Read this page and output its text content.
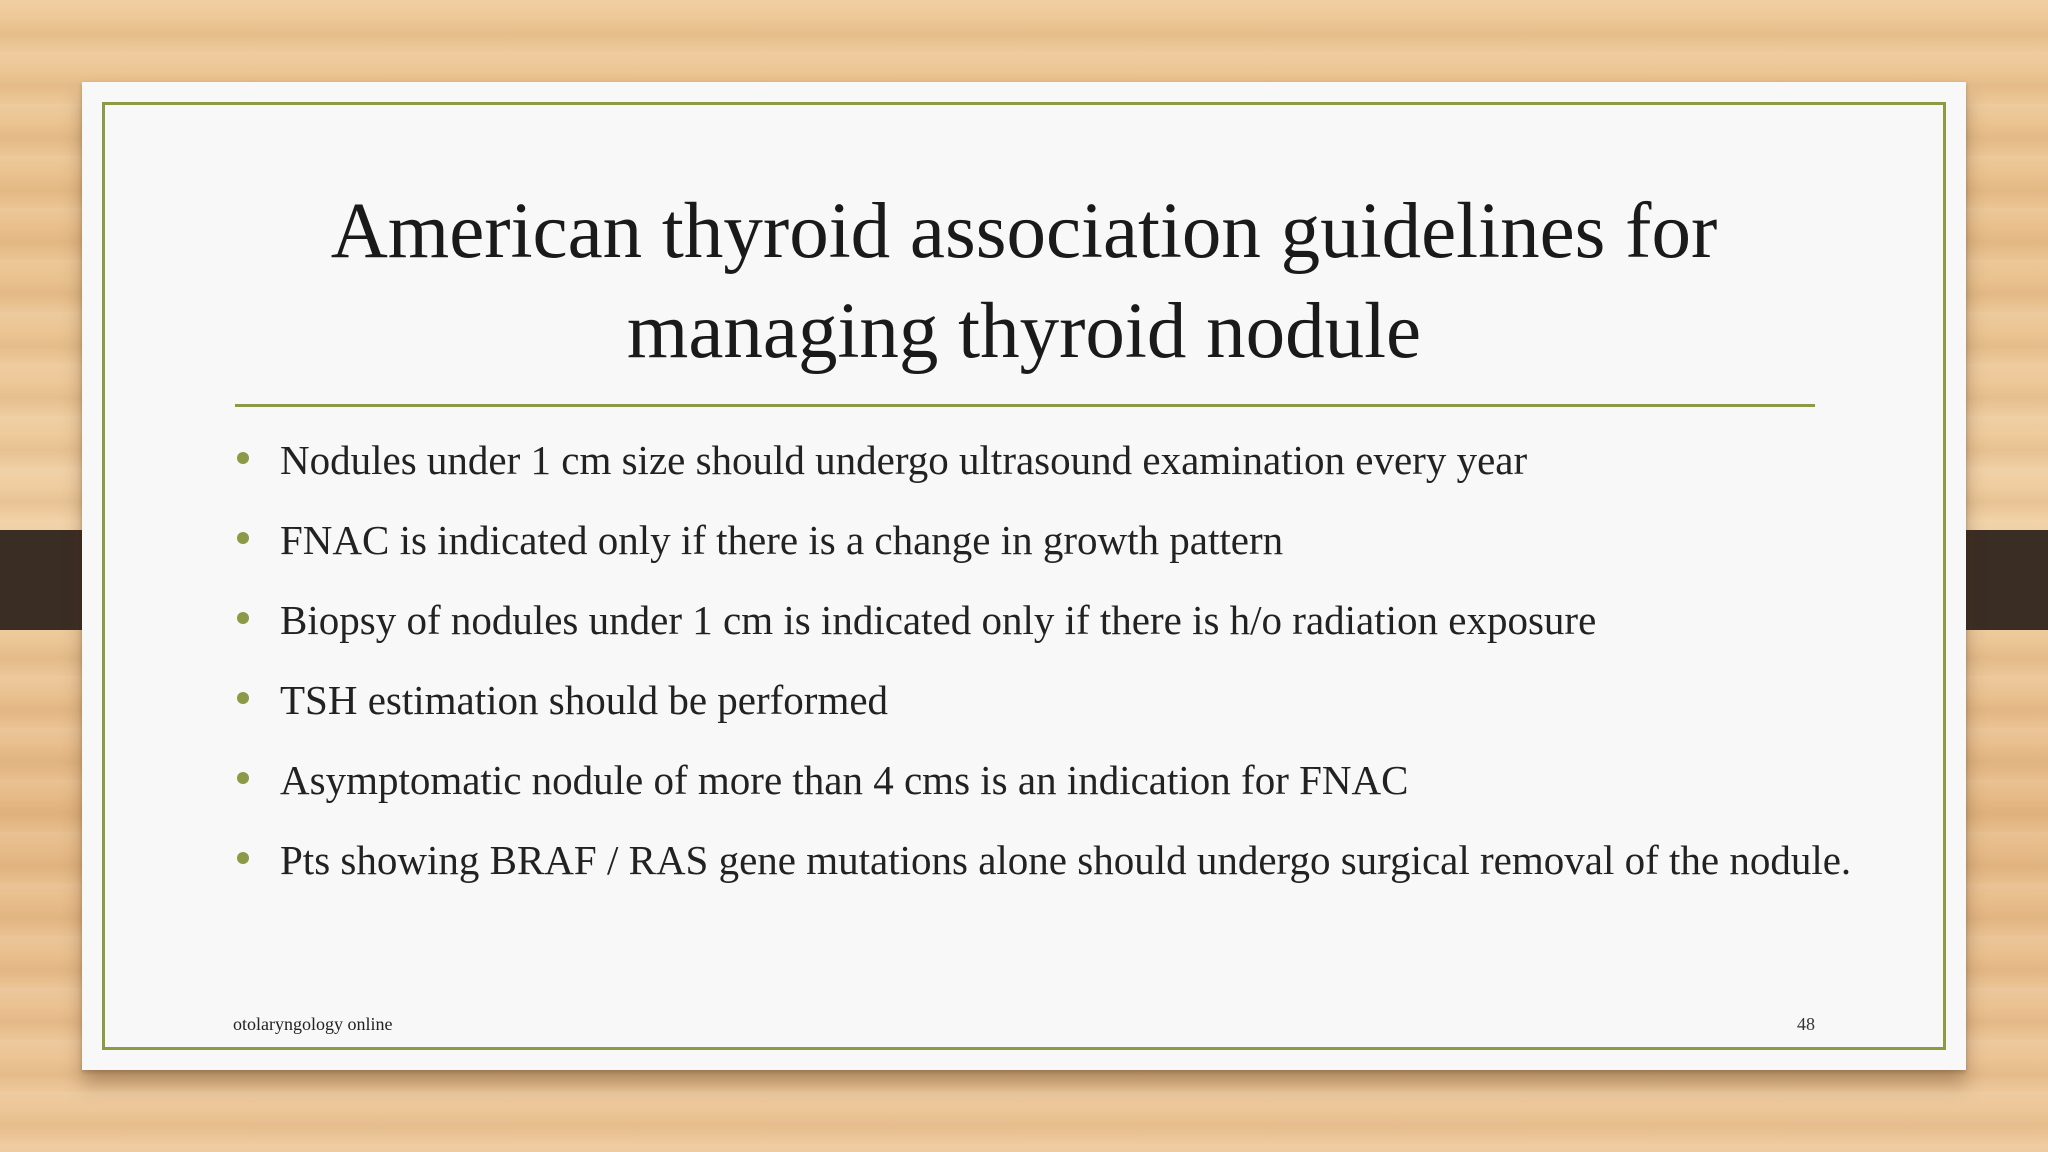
American thyroid association guidelines for
managing thyroid nodule
Nodules under 1 cm size should undergo ultrasound examination every year
FNAC is indicated only if there is a change in growth pattern
Biopsy of nodules under 1 cm is indicated only if there is h/o radiation exposure
TSH estimation should be performed
Asymptomatic nodule of more than 4 cms is an indication for FNAC
Pts showing BRAF / RAS gene mutations alone should undergo surgical removal of the nodule.
otolaryngology online	48
